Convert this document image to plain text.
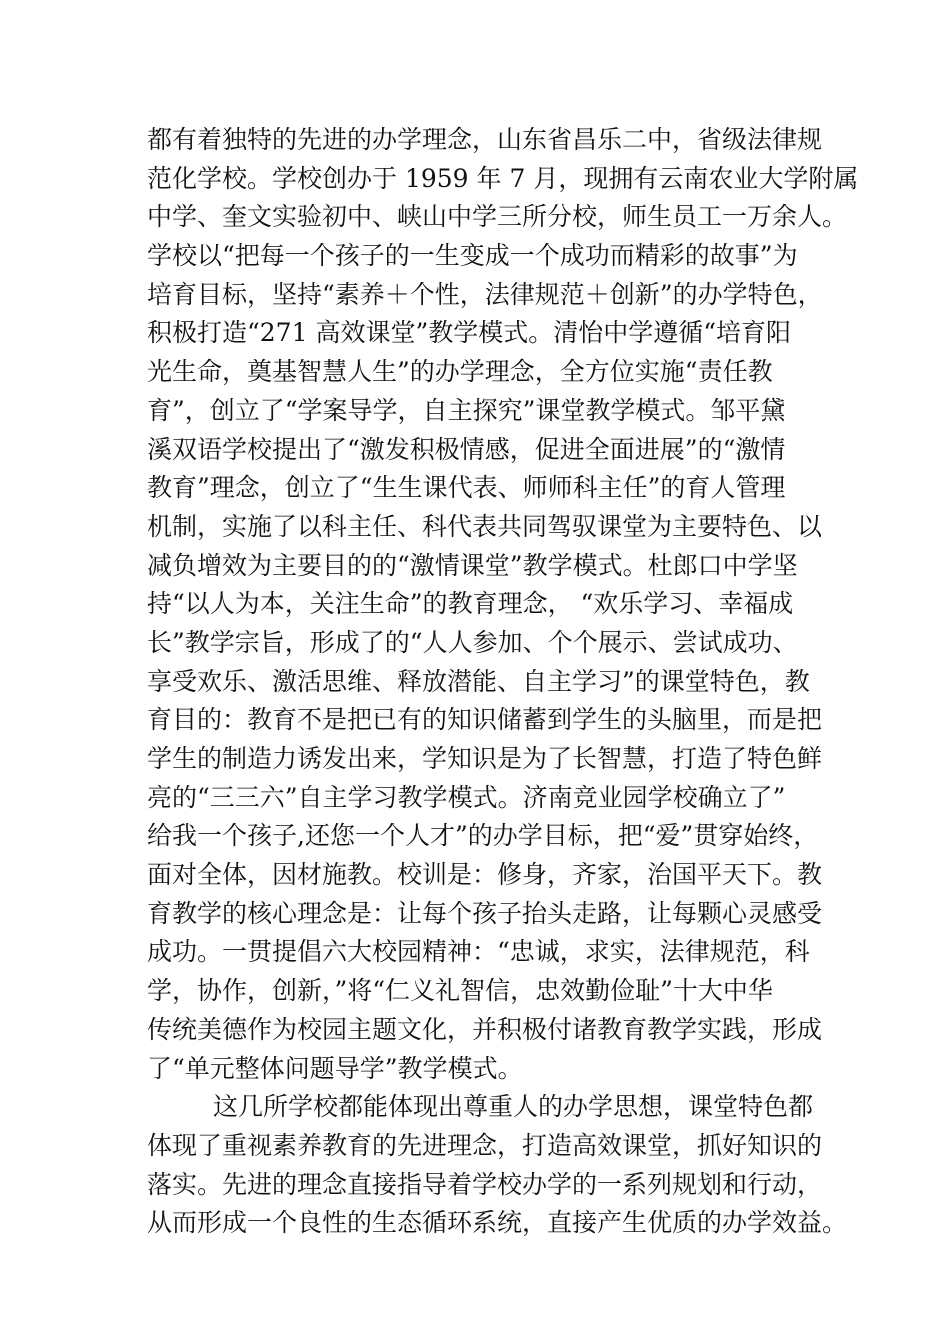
都有着独特的先进的办学理念，山东省昌乐二中，省级法律规
范化学校。学校创办于 1959 年 7 月，现拥有云南农业大学附属
中学、奎文实验初中、峡山中学三所分校，师生员工一万余人。
学校以“把每一个孩子的一生变成一个成功而精彩的故事”为
培育目标，坚持“素养＋个性，法律规范＋创新”的办学特色，
积极打造“271 高效课堂”教学模式。清怡中学遵循“培育阳
光生命，奠基智慧人生”的办学理念，全方位实施“责任教
育”，创立了“学案导学，自主探究”课堂教学模式。邹平黛
溪双语学校提出了“激发积极情感，促进全面进展”的“激情
教育”理念，创立了“生生课代表、师师科主任”的育人管理
机制，实施了以科主任、科代表共同驾驭课堂为主要特色、以
减负增效为主要目的的“激情课堂”教学模式。杜郎口中学坚
持“以人为本，关注生命”的教育理念， “欢乐学习、幸福成
长”教学宗旨，形成了的“人人参加、个个展示、尝试成功、
享受欢乐、激活思维、释放潜能、自主学习”的课堂特色，教
育目的：教育不是把已有的知识储蓄到学生的头脑里，而是把
学生的制造力诱发出来，学知识是为了长智慧，打造了特色鲜
亮的“三三六”自主学习教学模式。济南竞业园学校确立了”
给我一个孩子,还您一个人才”的办学目标，把“爱”贯穿始终，
面对全体，因材施教。校训是：修身，齐家，治国平天下。教
育教学的核心理念是：让每个孩子抬头走路，让每颗心灵感受
成功。一贯提倡六大校园精神：“忠诚，求实，法律规范，科
学，协作，创新，”将“仁义礼智信，忠效勤俭耻”十大中华
传统美德作为校园主题文化，并积极付诸教育教学实践，形成
了“单元整体问题导学”教学模式。
这几所学校都能体现出尊重人的办学思想，课堂特色都
体现了重视素养教育的先进理念，打造高效课堂，抓好知识的
落实。先进的理念直接指导着学校办学的一系列规划和行动，
从而形成一个良性的生态循环系统，直接产生优质的办学效益。
